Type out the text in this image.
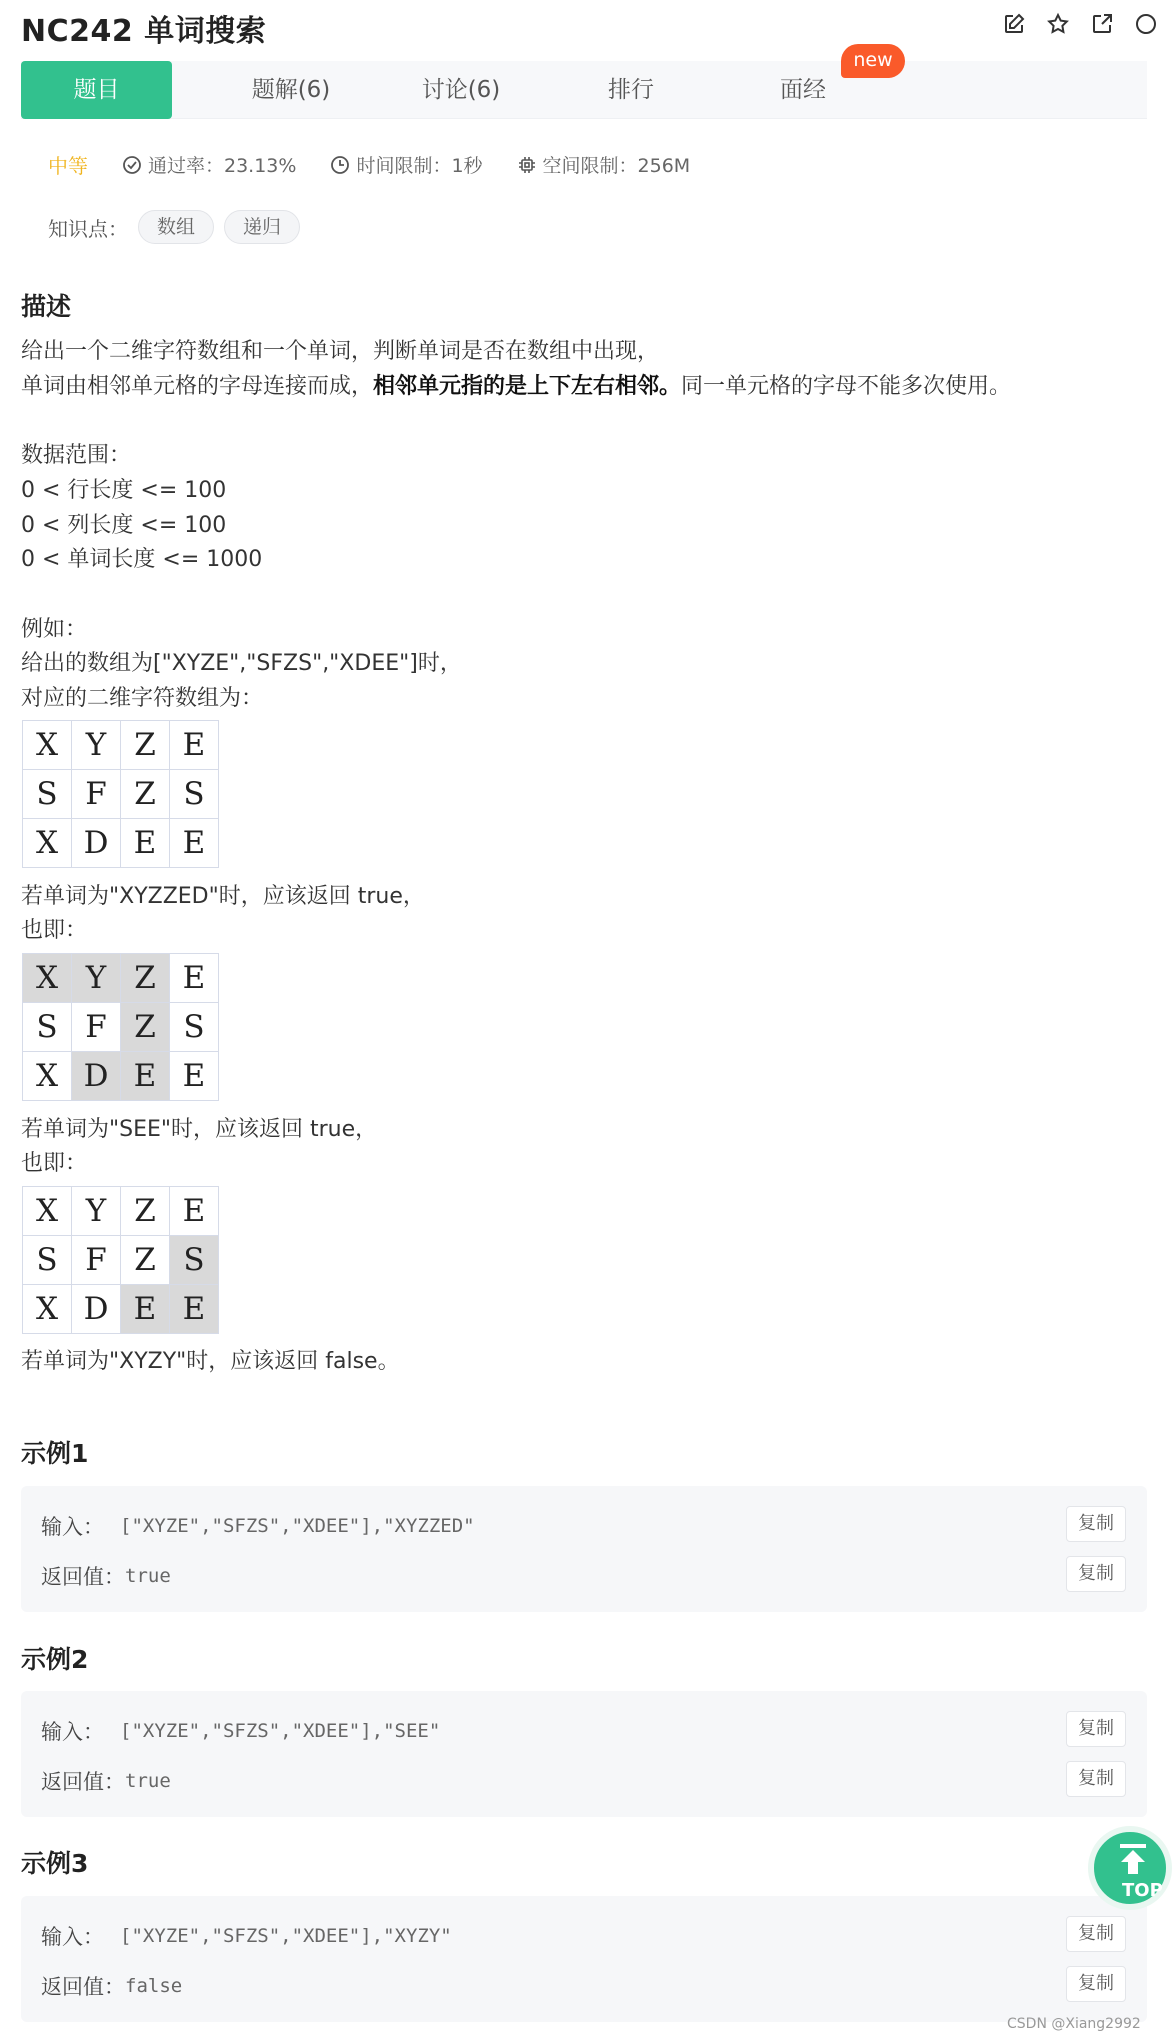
NC242 单词搜索
题目	题解(6)	讨论(6)	排行	面经
new
中等	通过率：23.13%	时间限制：1秒	空间限制：256M
知识点：	数组	递归
描述
给出一个二维字符数组和一个单词，判断单词是否在数组中出现，
单词由相邻单元格的字母连接而成，相邻单元指的是上下左右相邻。同一单元格的字母不能多次使用。
数据范围：
0 < 行长度 <= 100
0 < 列长度 <= 100
0 < 单词长度 <= 1000
例如：
给出的数组为["XYZE","SFZS","XDEE"]时，
对应的二维字符数组为：
X	Y	Z	E
S	F	Z	S
X	D	E	E
若单词为"XYZZED"时，应该返回 true，
也即：
X	Y	Z	E
S	F	Z	S
X	D	E	E
若单词为"SEE"时，应该返回 true，
也即：
X	Y	Z	E
S	F	Z	S
X	D	E	E
若单词为"XYZY"时，应该返回 false。
示例1
输入： ["XYZE","SFZS","XDEE"],"XYZZED"
返回值： true
复制
复制
示例2
输入： ["XYZE","SFZS","XDEE"],"SEE"
返回值： true
复制
复制
示例3
输入： ["XYZE","SFZS","XDEE"],"XYZY"
返回值： false
复制
复制
TOP
CSDN @Xiang2992
